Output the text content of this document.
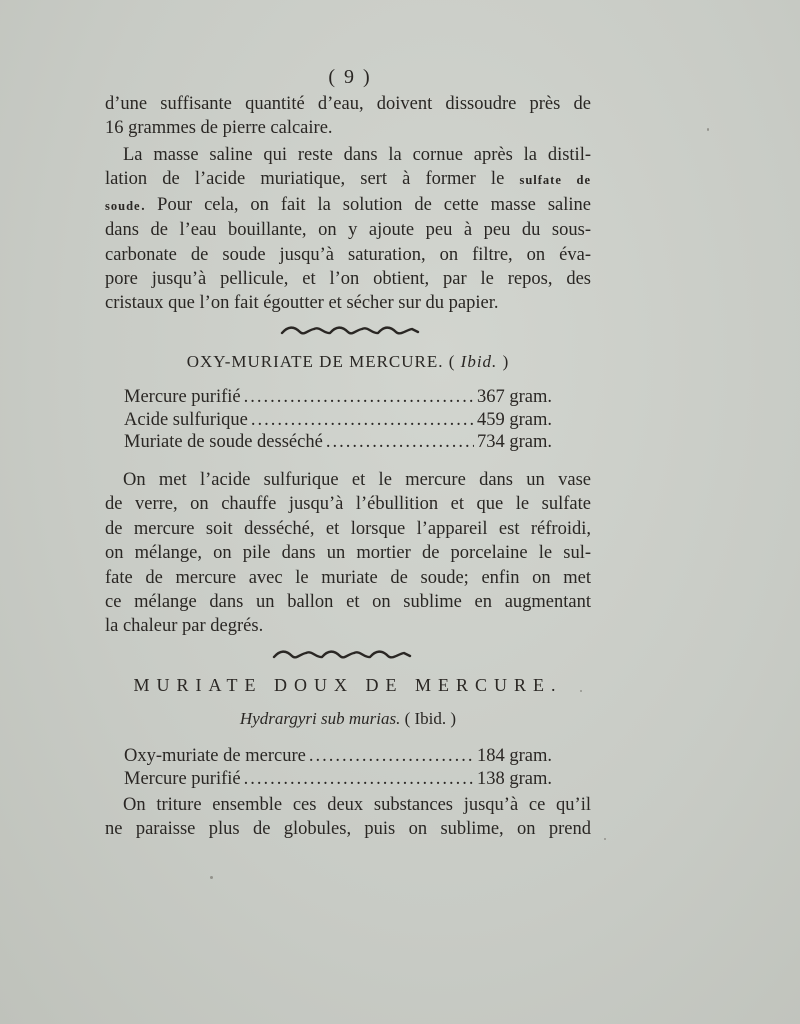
( 9 )
d’une suffisante quantité d’eau, doivent dissoudre près de
16 grammes de pierre calcaire.
La masse saline qui reste dans la cornue après la distil-
lation de l’acide muriatique, sert à former le sulfate de
soude. Pour cela, on fait la solution de cette masse saline
dans de l’eau bouillante, on y ajoute peu à peu du sous-
carbonate de soude jusqu’à saturation, on filtre, on éva-
pore jusqu’à pellicule, et l’on obtient, par le repos, des
cristaux que l’on fait égoutter et sécher sur du papier.
OXY-MURIATE DE MERCURE. ( Ibid. )
Mercure purifié .....	367 gram.
Acide sulfurique .....	459 gram.
Muriate de soude desséché .....	734 gram.
On met l’acide sulfurique et le mercure dans un vase
de verre, on chauffe jusqu’à l’ébullition et que le sulfate
de mercure soit desséché, et lorsque l’appareil est réfroidi,
on mélange, on pile dans un mortier de porcelaine le sul-
fate de mercure avec le muriate de soude; enfin on met
ce mélange dans un ballon et on sublime en augmentant
la chaleur par degrés.
MURIATE DOUX DE MERCURE.
Hydrargyri sub murias. ( Ibid. )
Oxy-muriate de mercure .....	184 gram.
Mercure purifié .....	138 gram.
On triture ensemble ces deux substances jusqu’à ce qu’il
ne paraisse plus de globules, puis on sublime, on prend
